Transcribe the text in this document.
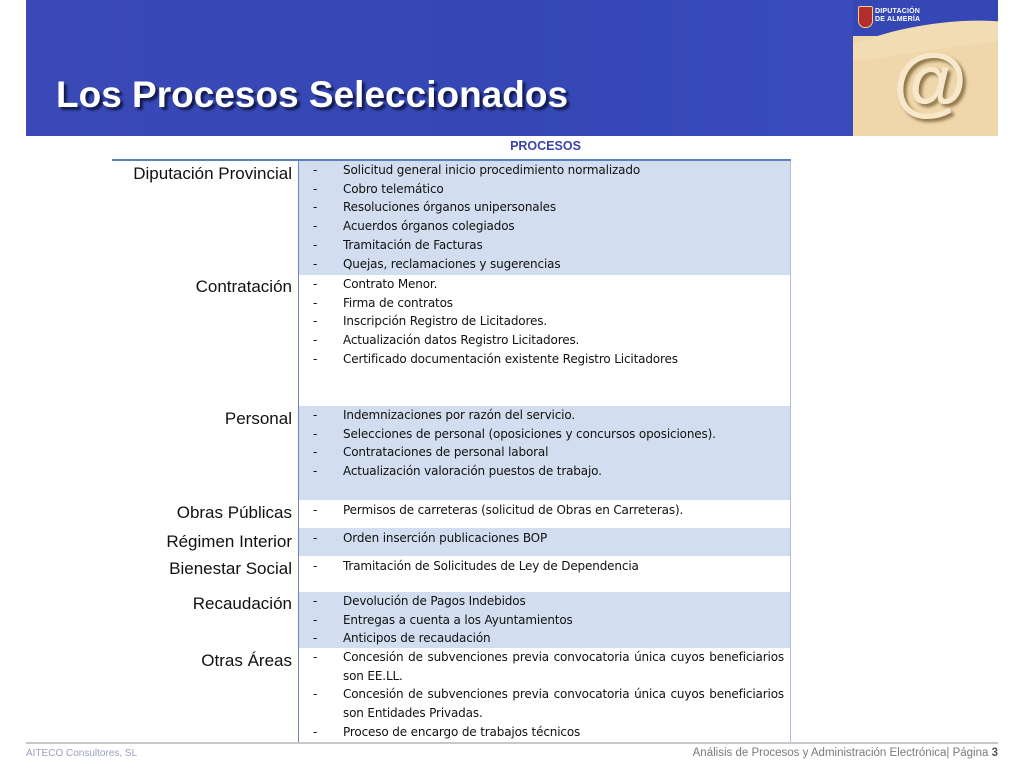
Los Procesos Seleccionados
DIPUTACIÓN
DE ALMERÍA
@
PROCESOS
Diputación Provincial
Contratación
Personal
Obras Públicas
Régimen Interior
Bienestar Social
Recaudación
Otras Áreas
- Solicitud general inicio procedimiento normalizado
- Cobro telemático
- Resoluciones órganos unipersonales
- Acuerdos órganos colegiados
- Tramitación de Facturas
- Quejas, reclamaciones y sugerencias
- Contrato Menor.
- Firma de contratos
- Inscripción Registro de Licitadores.
- Actualización datos Registro Licitadores.
- Certificado documentación existente Registro Licitadores
- Indemnizaciones por razón del servicio.
- Selecciones de personal (oposiciones y concursos oposiciones).
- Contrataciones de personal laboral
- Actualización valoración puestos de trabajo.
- Permisos de carreteras (solicitud de Obras en Carreteras).
- Orden inserción publicaciones BOP
- Tramitación de Solicitudes de Ley de Dependencia
- Devolución de Pagos Indebidos
- Entregas a cuenta a los Ayuntamientos
- Anticipos de recaudación
- Concesión de subvenciones previa convocatoria única cuyos beneficiarios son EE.LL.
- Concesión de subvenciones previa convocatoria única cuyos beneficiarios son Entidades Privadas.
- Proceso de encargo de trabajos técnicos

AITECO Consultores, SL	Análisis de Procesos y Administración Electrónica| Página 3
